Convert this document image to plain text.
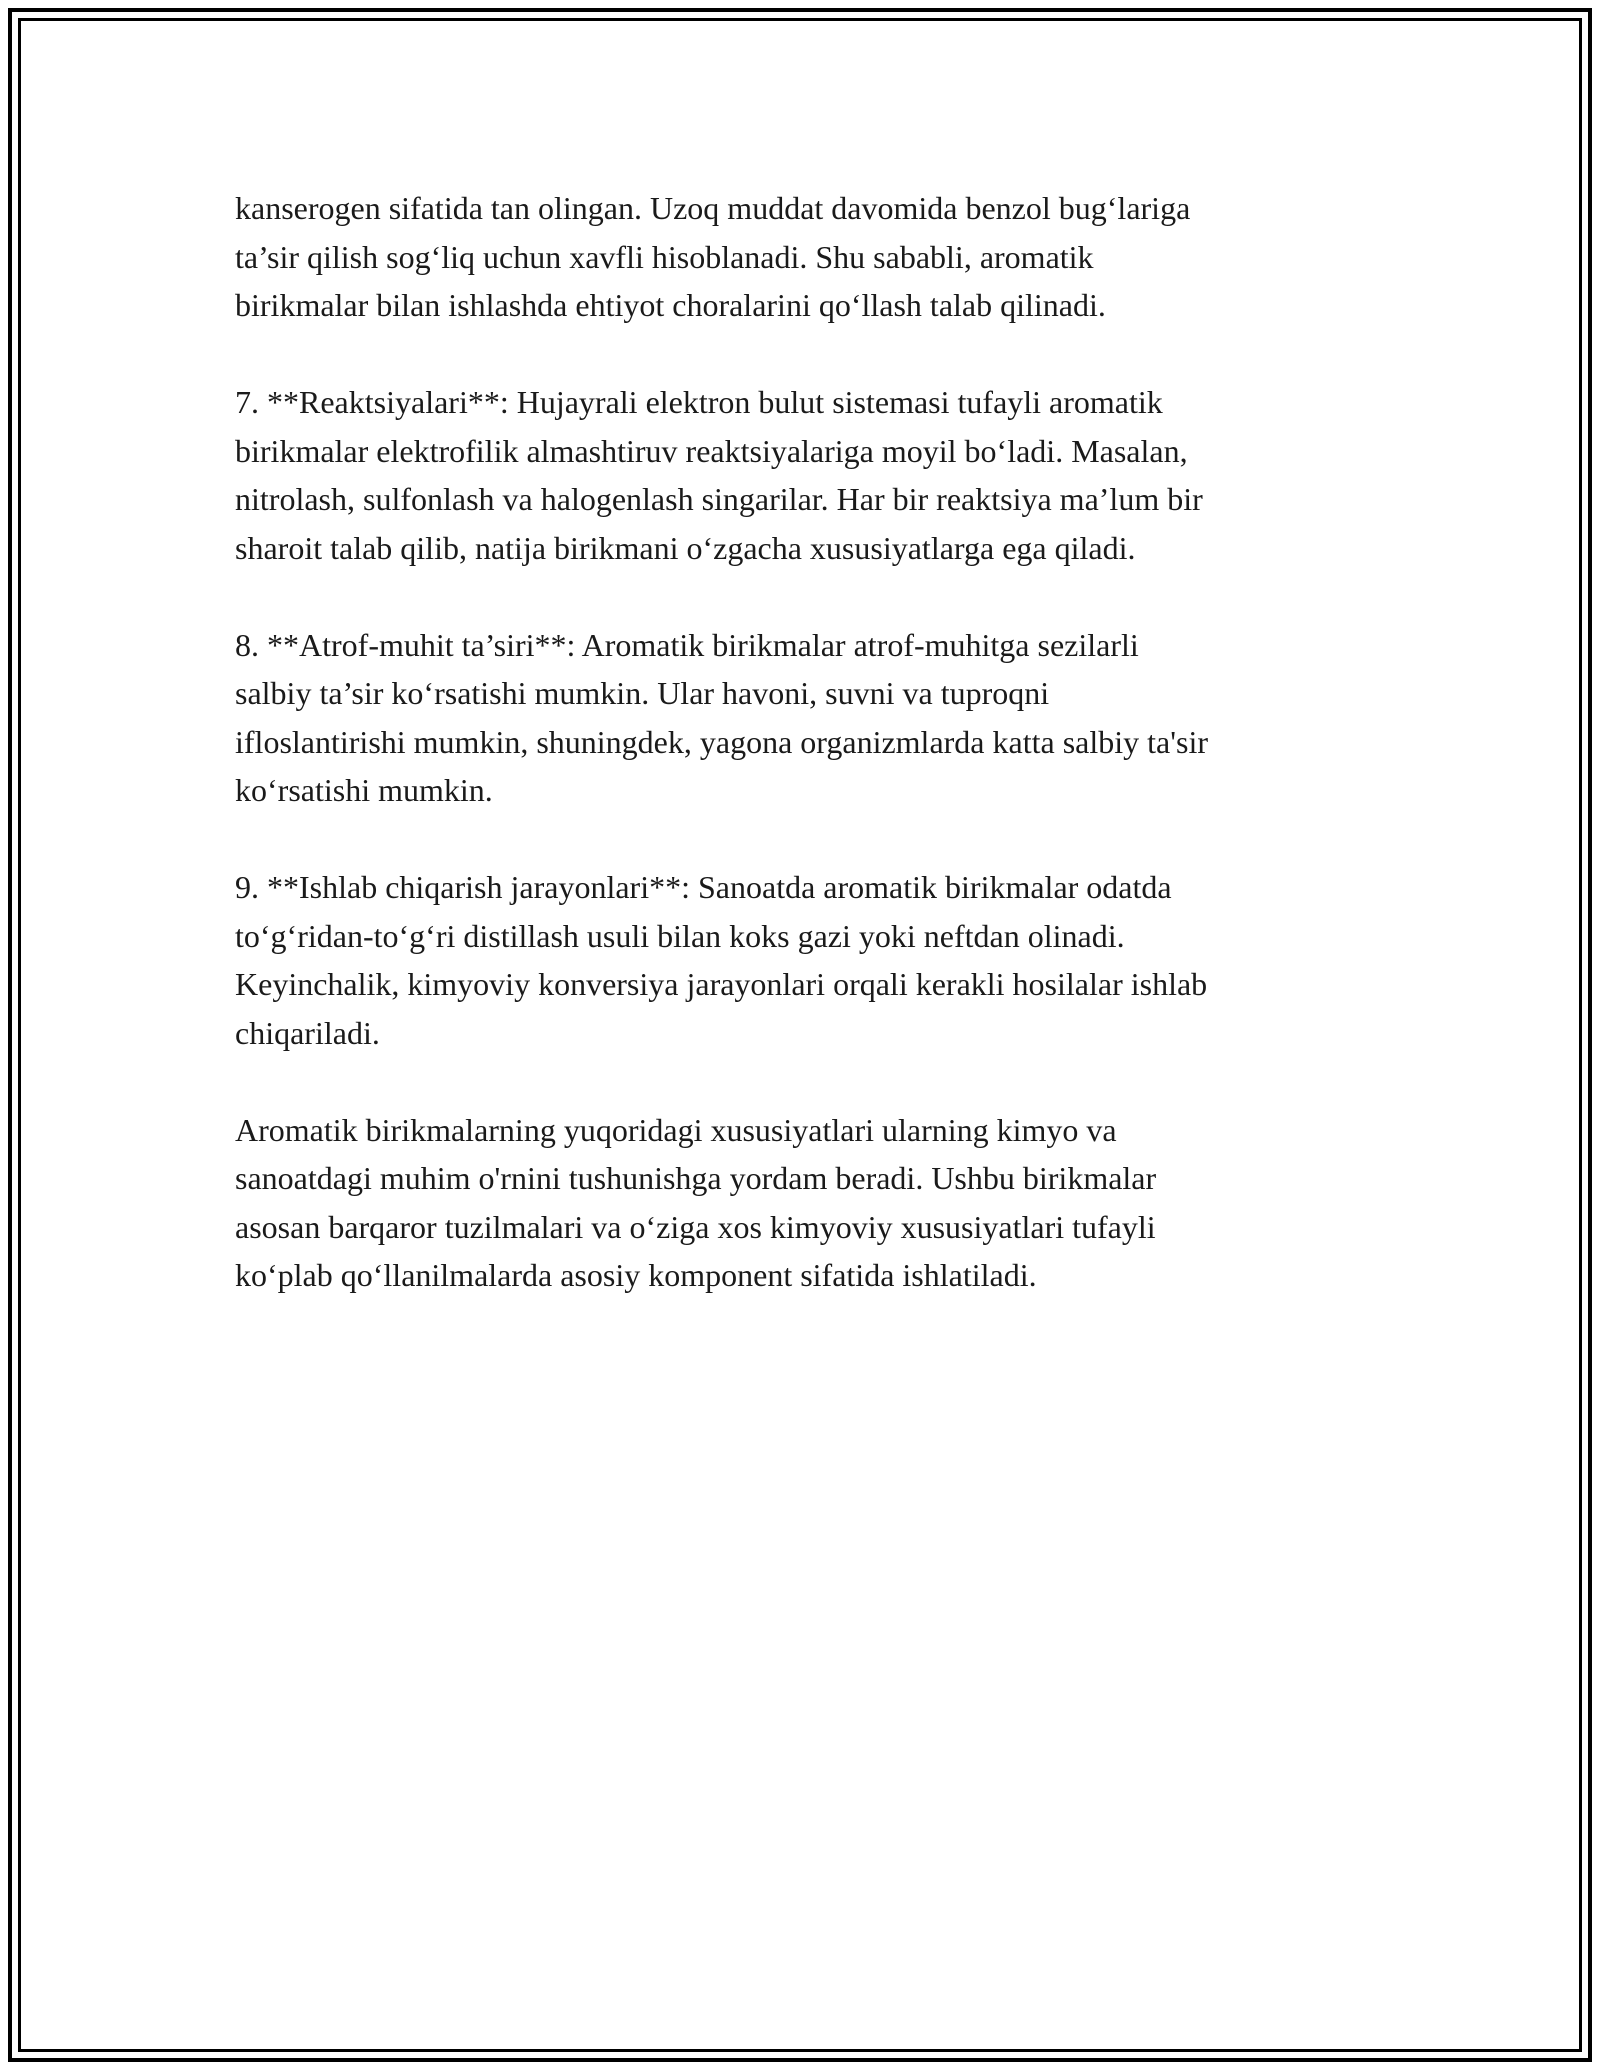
kanserogen sifatida tan olingan. Uzoq muddat davomida benzol bug‘lariga
ta’sir qilish sog‘liq uchun xavfli hisoblanadi. Shu sababli, aromatik
birikmalar bilan ishlashda ehtiyot choralarini qo‘llash talab qilinadi.

7. **Reaktsiyalari**: Hujayrali elektron bulut sistemasi tufayli aromatik
birikmalar elektrofilik almashtiruv reaktsiyalariga moyil bo‘ladi. Masalan,
nitrolash, sulfonlash va halogenlash singarilar. Har bir reaktsiya ma’lum bir
sharoit talab qilib, natija birikmani o‘zgacha xususiyatlarga ega qiladi.

8. **Atrof-muhit ta’siri**: Aromatik birikmalar atrof-muhitga sezilarli
salbiy ta’sir ko‘rsatishi mumkin. Ular havoni, suvni va tuproqni
ifloslantirishi mumkin, shuningdek, yagona organizmlarda katta salbiy ta'sir
ko‘rsatishi mumkin.

9. **Ishlab chiqarish jarayonlari**: Sanoatda aromatik birikmalar odatda
to‘g‘ridan-to‘g‘ri distillash usuli bilan koks gazi yoki neftdan olinadi.
Keyinchalik, kimyoviy konversiya jarayonlari orqali kerakli hosilalar ishlab
chiqariladi.

Aromatik birikmalarning yuqoridagi xususiyatlari ularning kimyo va
sanoatdagi muhim o'rnini tushunishga yordam beradi. Ushbu birikmalar
asosan barqaror tuzilmalari va o‘ziga xos kimyoviy xususiyatlari tufayli
ko‘plab qo‘llanilmalarda asosiy komponent sifatida ishlatiladi.
